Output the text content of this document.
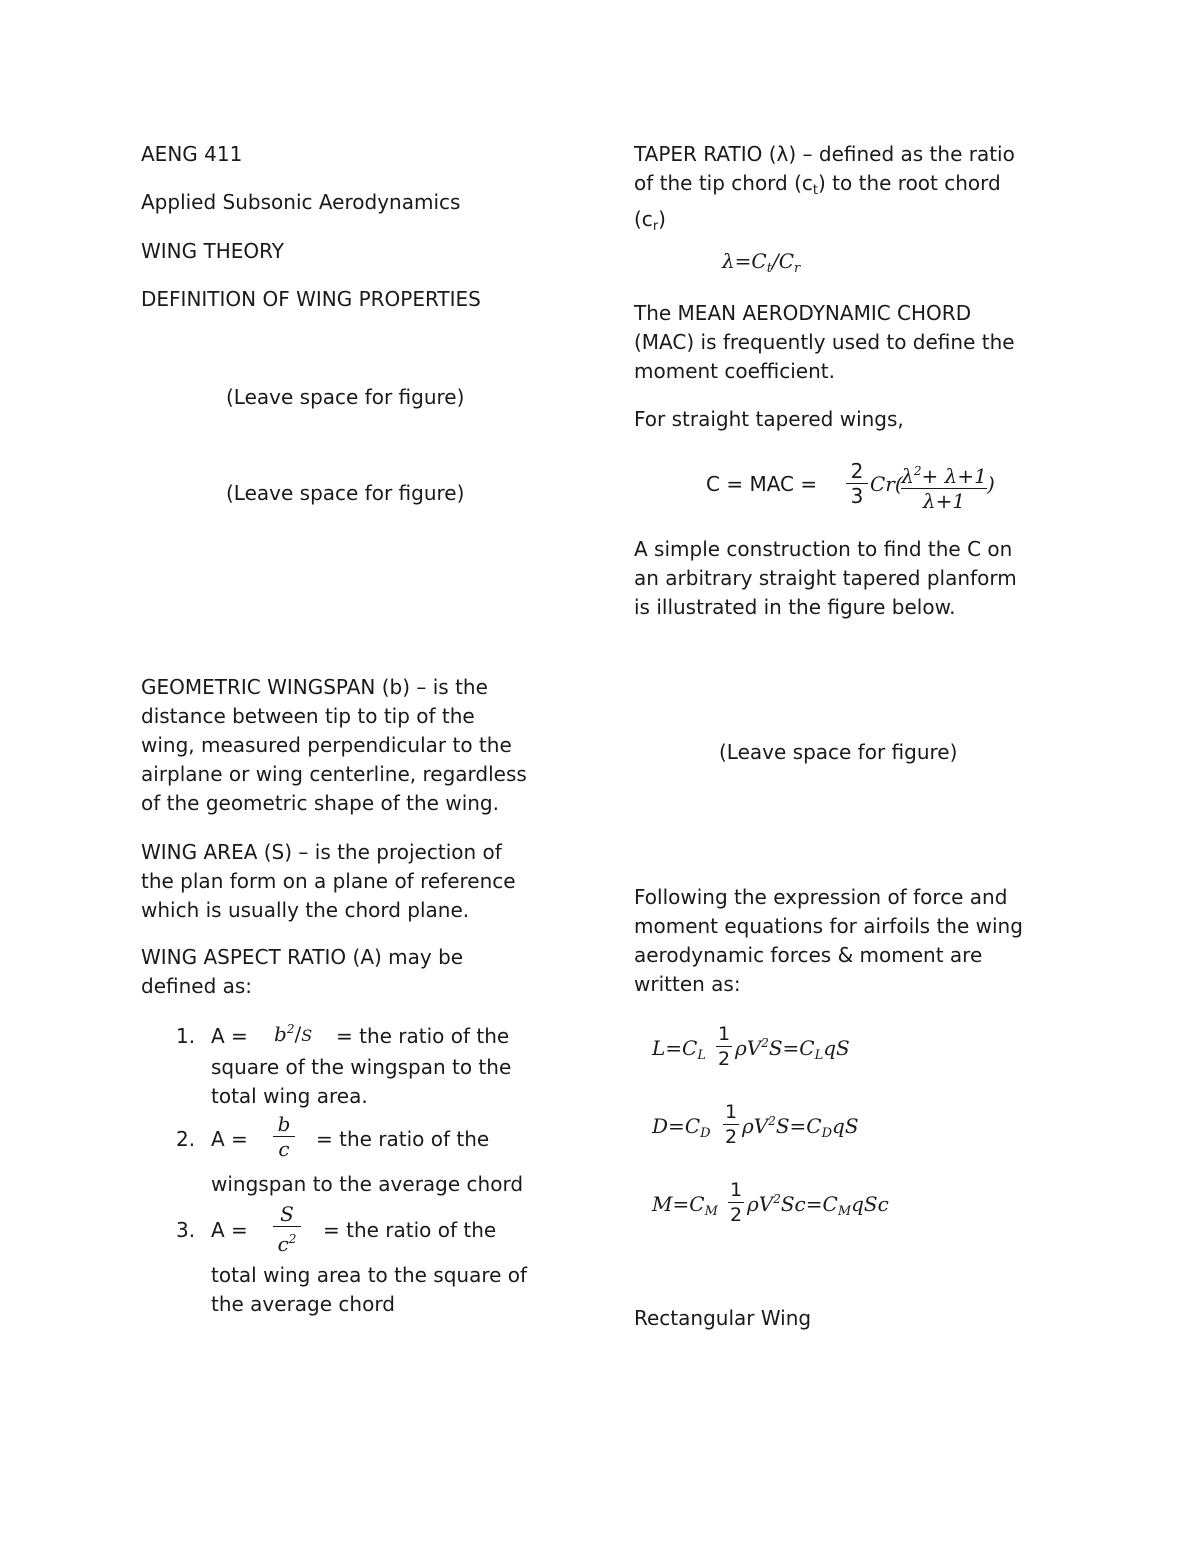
AENG 411
Applied Subsonic Aerodynamics
WING THEORY
DEFINITION OF WING PROPERTIES
(Leave space for figure)
(Leave space for figure)
GEOMETRIC WINGSPAN (b) – is the
distance between tip to tip of the
wing, measured perpendicular to the
airplane or wing centerline, regardless
of the geometric shape of the wing.
WING AREA (S) – is the projection of
the plan form on a plane of reference
which is usually the chord plane.
WING ASPECT RATIO (A) may be
defined as:
1. $A = b^2/S$ = the ratio of the
square of the wingspan to the
total wing area.
2. A =
b
c	= the ratio of the
wingspan to the average chord
3. A =
S
$c^2$ = the ratio of the
total wing area to the square of
the average chord
TAPER RATIO (λ) – defined as the ratio
of the tip chord $(c_t)$ to the root chord
$(c_r)$
$\lambda=C_t/C_r$
The MEAN AERODYNAMIC CHORD
(MAC) is frequently used to define the
moment coefficient.
For straight tapered wings,
C = MAC =
2
3 Cr(
$\lambda^2+ \lambda+1$
λ+1
)
A simple construction to find the C on
an arbitrary straight tapered planform
is illustrated in the figure below.
(Leave space for figure)
Following the expression of force and
moment equations for airfoils the wing
aerodynamic forces & moment are
written as:
$L=C_L$
1
2 $\rho V^2S=C_LqS$
$D=C_D$
1
2 $\rho V^2S=C_DqS$
$M=C_M$
1
2 $\rho V^2Sc=C_MqSc$
Rectangular Wing
